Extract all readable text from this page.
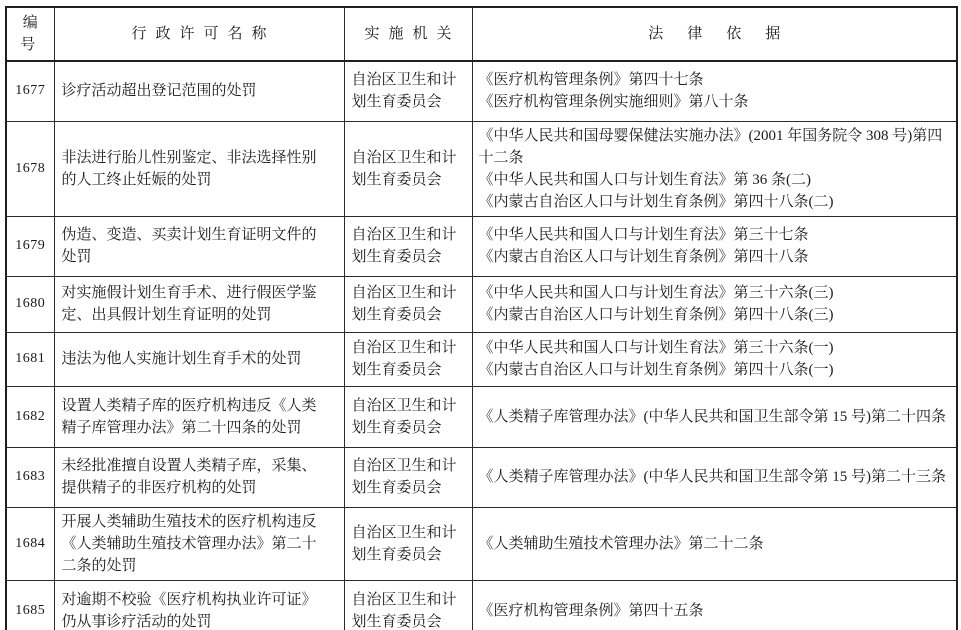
编号	行政许可名称	实施机关	法律依据
1677	诊疗活动超出登记范围的处罚	自治区卫生和计划生育委员会	《医疗机构管理条例》第四十七条
《医疗机构管理条例实施细则》第八十条

1678	非法进行胎儿性别鉴定、非法选择性别的人工终止妊娠的处罚	自治区卫生和计划生育委员会	《中华人民共和国母婴保健法实施办法》(2001 年国务院令 308 号)第四十二条
《中华人民共和国人口与计划生育法》第 36 条(二)
《内蒙古自治区人口与计划生育条例》第四十八条(二)

1679	伪造、变造、买卖计划生育证明文件的处罚	自治区卫生和计划生育委员会	《中华人民共和国人口与计划生育法》第三十七条
《内蒙古自治区人口与计划生育条例》第四十八条

1680	对实施假计划生育手术、进行假医学鉴定、出具假计划生育证明的处罚	自治区卫生和计划生育委员会	《中华人民共和国人口与计划生育法》第三十六条(三)
《内蒙古自治区人口与计划生育条例》第四十八条(三)

1681	违法为他人实施计划生育手术的处罚	自治区卫生和计划生育委员会	《中华人民共和国人口与计划生育法》第三十六条(一)
《内蒙古自治区人口与计划生育条例》第四十八条(一)

1682	设置人类精子库的医疗机构违反《人类精子库管理办法》第二十四条的处罚	自治区卫生和计划生育委员会	《人类精子库管理办法》(中华人民共和国卫生部令第 15 号)第二十四条

1683	未经批准擅自设置人类精子库，采集、提供精子的非医疗机构的处罚	自治区卫生和计划生育委员会	《人类精子库管理办法》(中华人民共和国卫生部令第 15 号)第二十三条

1684	开展人类辅助生殖技术的医疗机构违反《人类辅助生殖技术管理办法》第二十二条的处罚	自治区卫生和计划生育委员会	《人类辅助生殖技术管理办法》第二十二条

1685	对逾期不校验《医疗机构执业许可证》仍从事诊疗活动的处罚	自治区卫生和计划生育委员会	《医疗机构管理条例》第四十五条
